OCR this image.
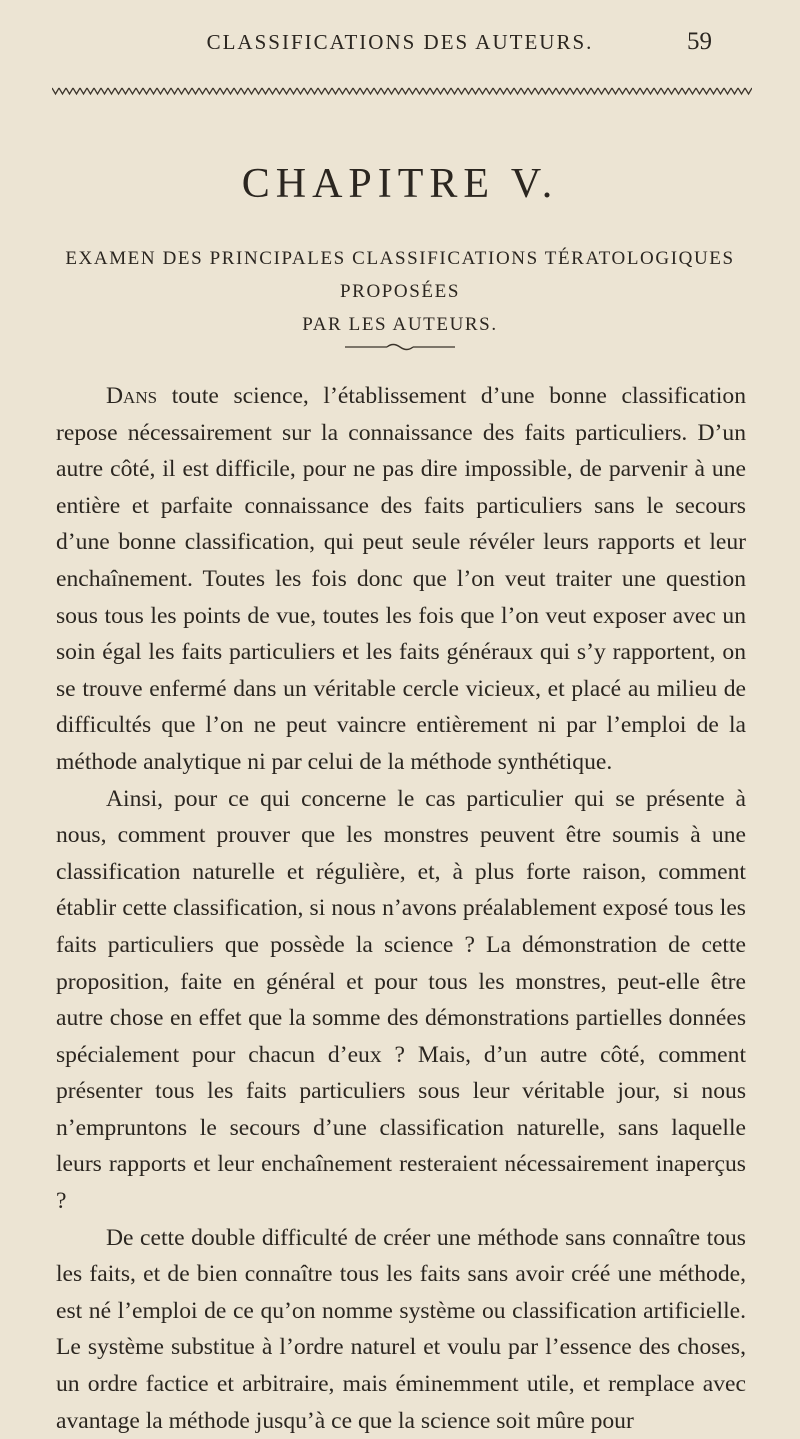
CLASSIFICATIONS DES AUTEURS.	59
CHAPITRE V.
EXAMEN DES PRINCIPALES CLASSIFICATIONS TÉRATOLOGIQUES PROPOSÉES
PAR LES AUTEURS.

Dans toute science, l’établissement d’une bonne classification repose nécessairement sur la connaissance des faits particuliers. D’un autre côté, il est difficile, pour ne pas dire impossible, de parvenir à une entière et parfaite connaissance des faits particuliers sans le secours d’une bonne classification, qui peut seule révéler leurs rapports et leur enchaînement. Toutes les fois donc que l’on veut traiter une question sous tous les points de vue, toutes les fois que l’on veut exposer avec un soin égal les faits particuliers et les faits généraux qui s’y rapportent, on se trouve enfermé dans un véritable cercle vicieux, et placé au milieu de difficultés que l’on ne peut vaincre entièrement ni par l’emploi de la méthode analytique ni par celui de la méthode synthétique.

Ainsi, pour ce qui concerne le cas particulier qui se présente à nous, comment prouver que les monstres peuvent être soumis à une classification naturelle et régulière, et, à plus forte raison, comment établir cette classification, si nous n’avons préalablement exposé tous les faits particuliers que possède la science ? La démonstration de cette proposition, faite en général et pour tous les monstres, peut-elle être autre chose en effet que la somme des démonstrations partielles données spécialement pour chacun d’eux ? Mais, d’un autre côté, comment présenter tous les faits particuliers sous leur véritable jour, si nous n’empruntons le secours d’une classification naturelle, sans laquelle leurs rapports et leur enchaînement resteraient nécessairement inaperçus ?

De cette double difficulté de créer une méthode sans connaître tous les faits, et de bien connaître tous les faits sans avoir créé une méthode, est né l’emploi de ce qu’on nomme système ou classification artificielle. Le système substitue à l’ordre naturel et voulu par l’essence des choses, un ordre factice et arbitraire, mais éminemment utile, et remplace avec avantage la méthode jusqu’à ce que la science soit mûre pour
